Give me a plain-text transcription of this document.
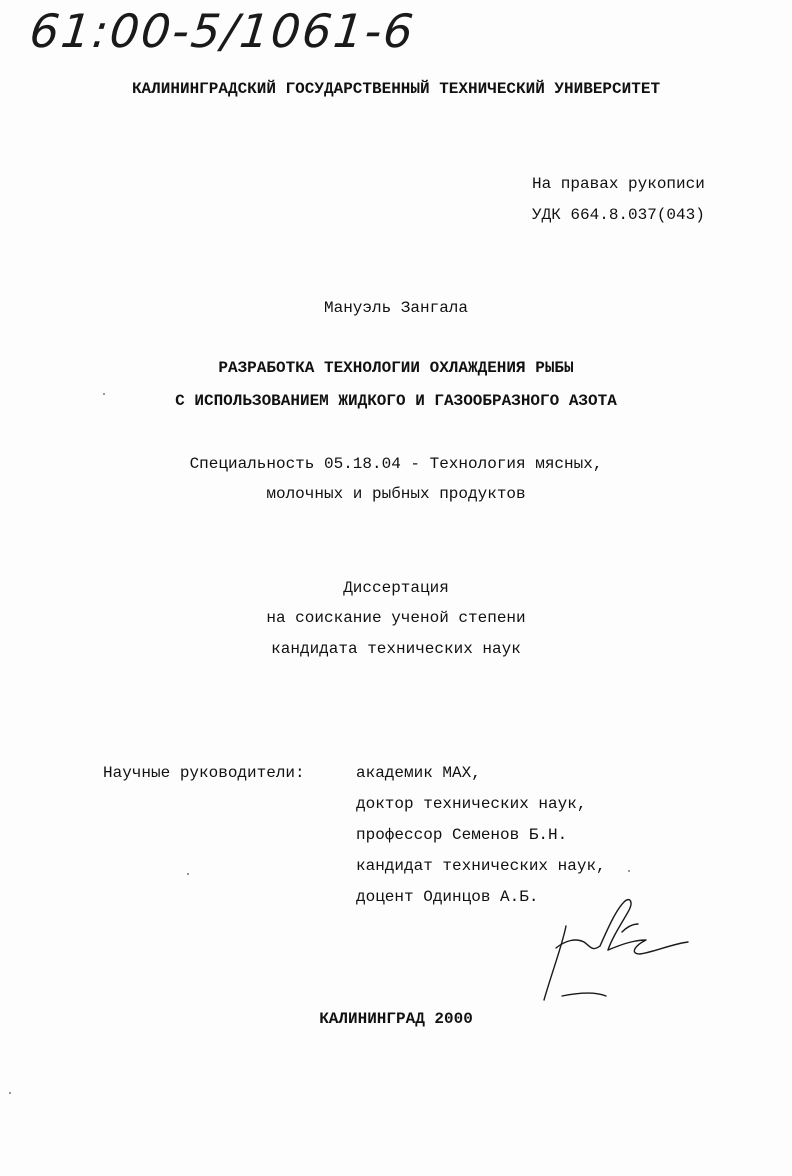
61:00-5/1061-6
КАЛИНИНГРАДСКИЙ ГОСУДАРСТВЕННЫЙ ТЕХНИЧЕСКИЙ УНИВЕРСИТЕТ
На правах рукописи
УДК 664.8.037(043)
Мануэль Зангала
РАЗРАБОТКА ТЕХНОЛОГИИ ОХЛАЖДЕНИЯ РЫБЫ
С ИСПОЛЬЗОВАНИЕМ ЖИДКОГО И ГАЗООБРАЗНОГО АЗОТА
Специальность 05.18.04 - Технология мясных,
молочных и рыбных продуктов
Диссертация
на соискание ученой степени
кандидата технических наук
Научные руководители:	академик МАХ,
доктор технических наук,
профессор Семенов Б.Н.
кандидат технических наук,
доцент Одинцов А.Б.
КАЛИНИНГРАД 2000
